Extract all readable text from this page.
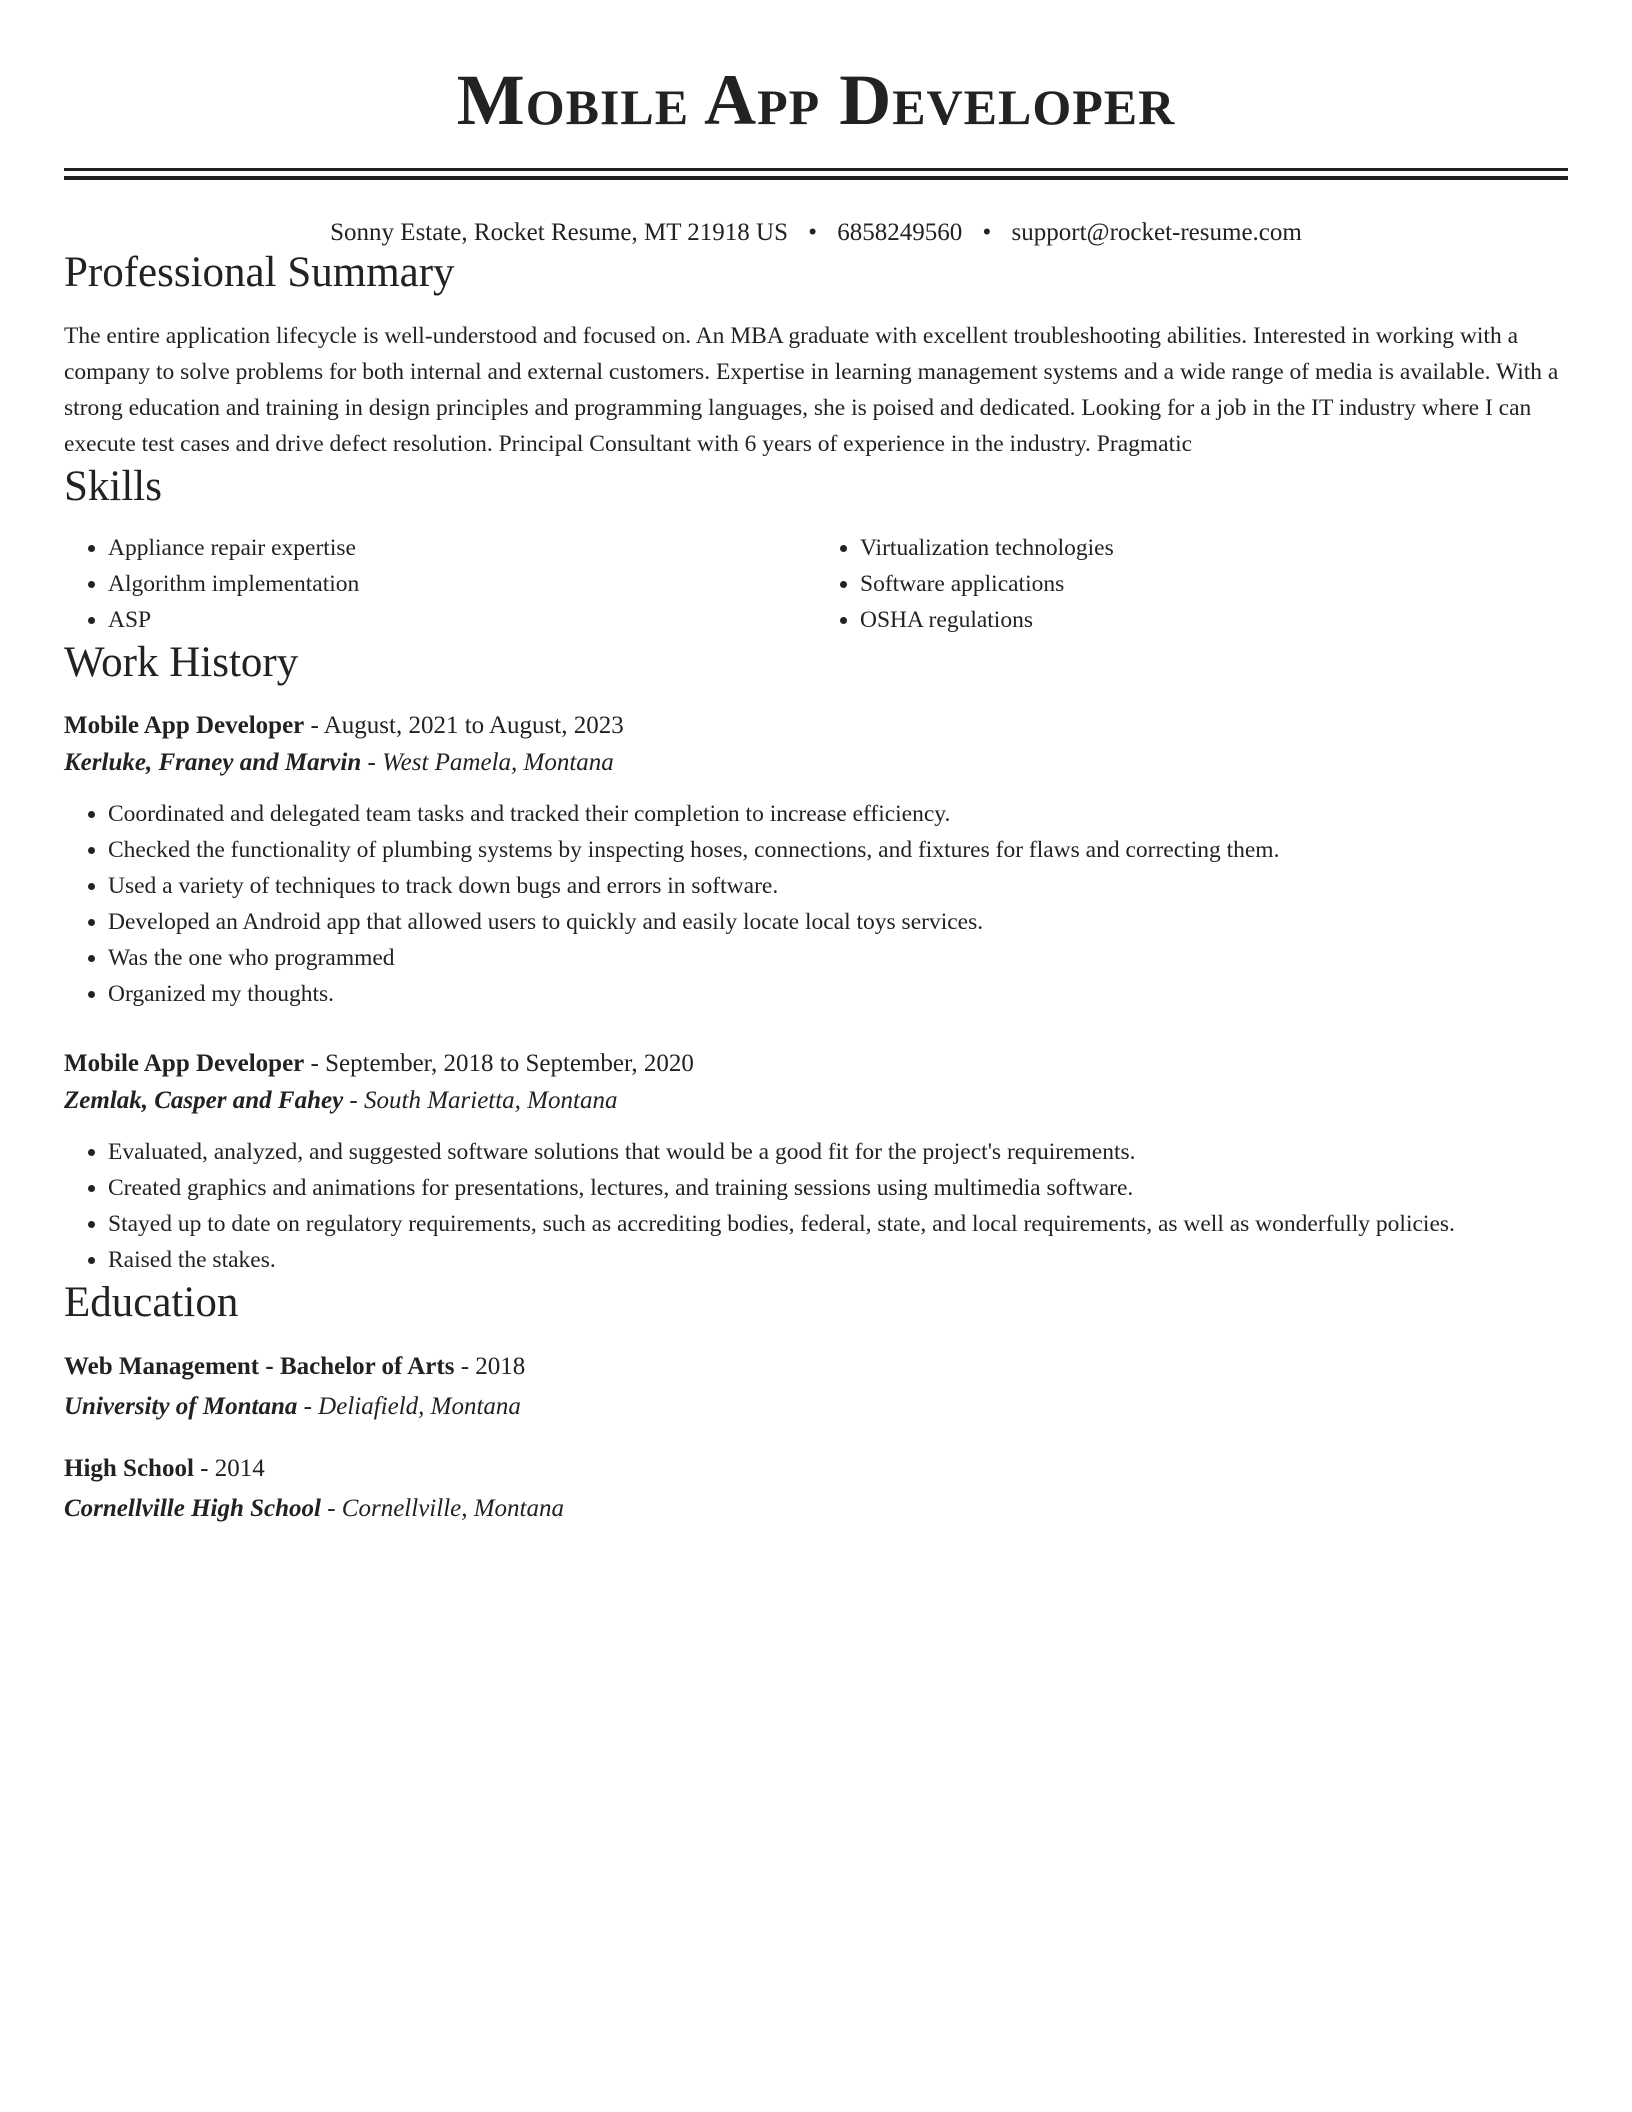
Mobile App Developer
Sonny Estate, Rocket Resume, MT 21918 US • 6858249560 • support@rocket-resume.com
Professional Summary

The entire application lifecycle is well-understood and focused on. An MBA graduate with excellent troubleshooting abilities. Interested in working with a company to solve problems for both internal and external customers. Expertise in learning management systems and a wide range of media is available. With a strong education and training in design principles and programming languages, she is poised and dedicated. Looking for a job in the IT industry where I can execute test cases and drive defect resolution. Principal Consultant with 6 years of experience in the industry. Pragmatic

Skills
• Appliance repair expertise
• Algorithm implementation
• ASP
• Virtualization technologies
• Software applications
• OSHA regulations
Work History
Mobile App Developer - August, 2021 to August, 2023
Kerluke, Franey and Marvin - West Pamela, Montana
• Coordinated and delegated team tasks and tracked their completion to increase efficiency.
• Checked the functionality of plumbing systems by inspecting hoses, connections, and fixtures for flaws and correcting them.
• Used a variety of techniques to track down bugs and errors in software.
• Developed an Android app that allowed users to quickly and easily locate local toys services.
• Was the one who programmed
• Organized my thoughts.
Mobile App Developer - September, 2018 to September, 2020
Zemlak, Casper and Fahey - South Marietta, Montana
• Evaluated, analyzed, and suggested software solutions that would be a good fit for the project's requirements.
• Created graphics and animations for presentations, lectures, and training sessions using multimedia software.
• Stayed up to date on regulatory requirements, such as accrediting bodies, federal, state, and local requirements, as well as wonderfully policies.
• Raised the stakes.
Education
Web Management - Bachelor of Arts - 2018
University of Montana - Deliafield, Montana
High School - 2014
Cornellville High School - Cornellville, Montana
